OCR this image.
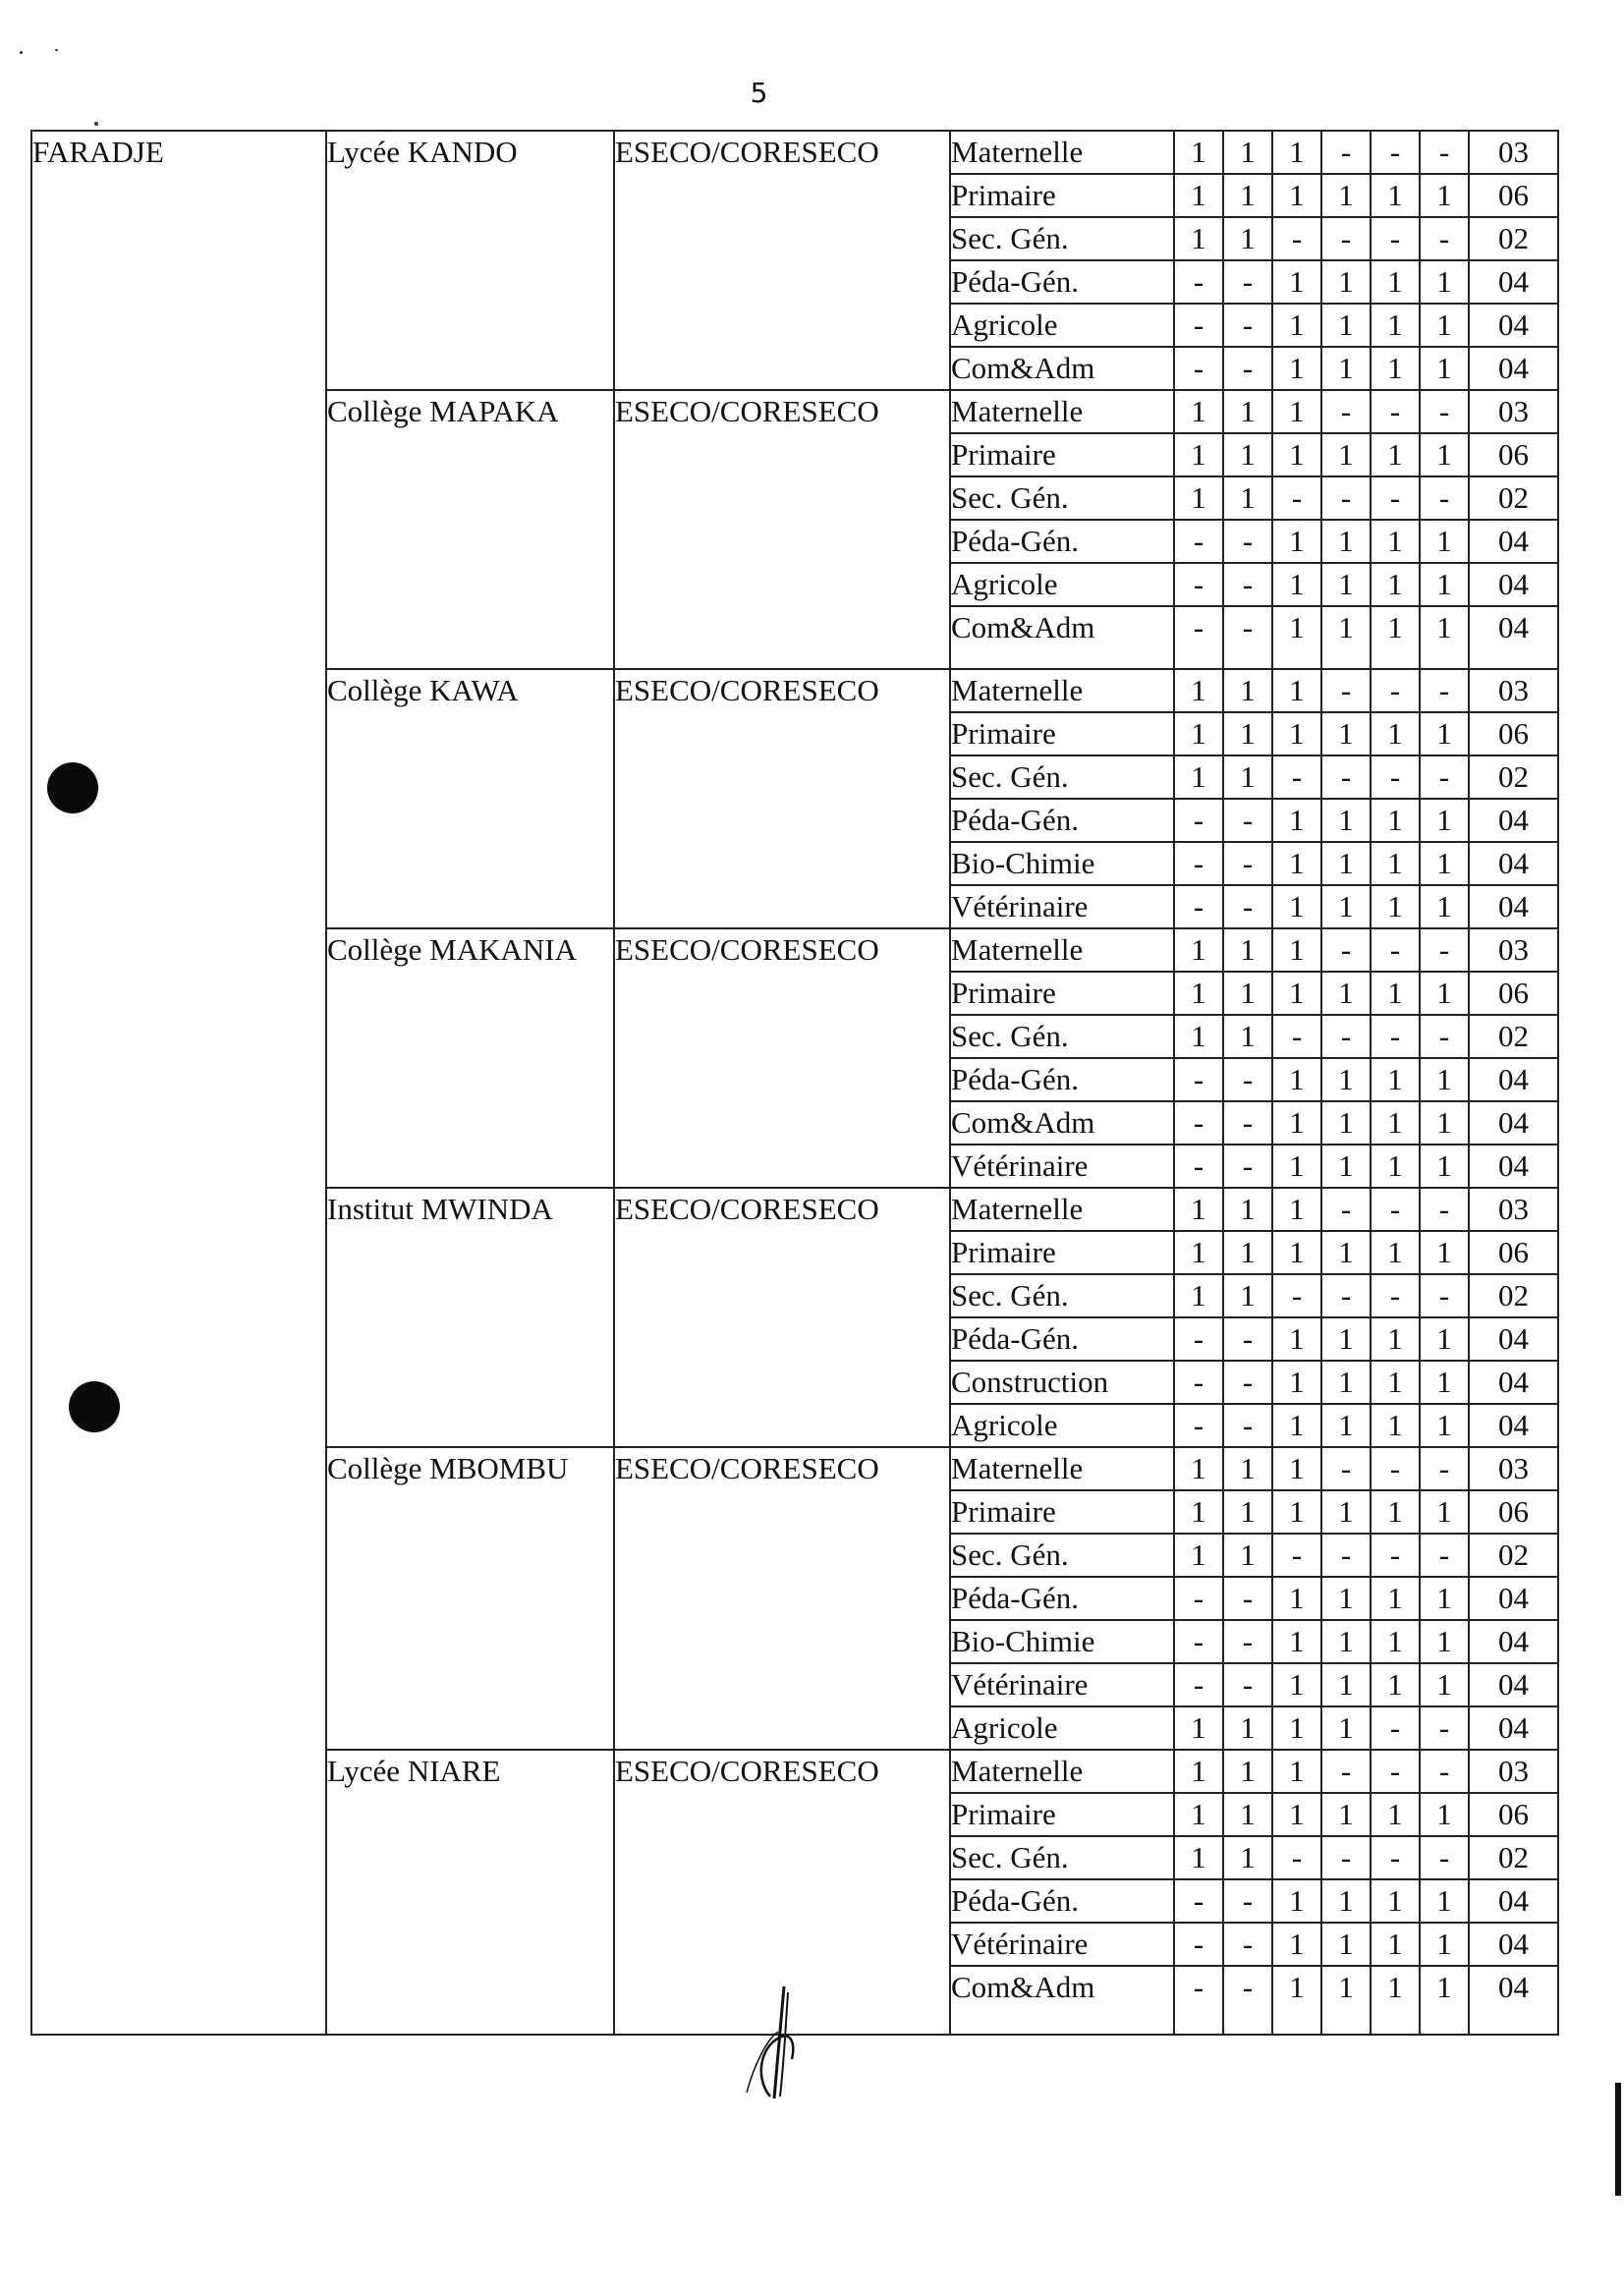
5
FARADJE	Lycée KANDO	ESECO/CORESECO	Maternelle	1	1	1	-	-	-	03
			Primaire	1	1	1	1	1	1	06
			Sec. Gén.	1	1	-	-	-	-	02
			Péda-Gén.	-	-	1	1	1	1	04
			Agricole	-	-	1	1	1	1	04
			Com&Adm	-	-	1	1	1	1	04
	Collège MAPAKA	ESECO/CORESECO	Maternelle	1	1	1	-	-	-	03
			Primaire	1	1	1	1	1	1	06
			Sec. Gén.	1	1	-	-	-	-	02
			Péda-Gén.	-	-	1	1	1	1	04
			Agricole	-	-	1	1	1	1	04
			Com&Adm	-	-	1	1	1	1	04
	Collège KAWA	ESECO/CORESECO	Maternelle	1	1	1	-	-	-	03
			Primaire	1	1	1	1	1	1	06
			Sec. Gén.	1	1	-	-	-	-	02
			Péda-Gén.	-	-	1	1	1	1	04
			Bio-Chimie	-	-	1	1	1	1	04
			Vétérinaire	-	-	1	1	1	1	04
	Collège MAKANIA	ESECO/CORESECO	Maternelle	1	1	1	-	-	-	03
			Primaire	1	1	1	1	1	1	06
			Sec. Gén.	1	1	-	-	-	-	02
			Péda-Gén.	-	-	1	1	1	1	04
			Com&Adm	-	-	1	1	1	1	04
			Vétérinaire	-	-	1	1	1	1	04
	Institut MWINDA	ESECO/CORESECO	Maternelle	1	1	1	-	-	-	03
			Primaire	1	1	1	1	1	1	06
			Sec. Gén.	1	1	-	-	-	-	02
			Péda-Gén.	-	-	1	1	1	1	04
			Construction	-	-	1	1	1	1	04
			Agricole	-	-	1	1	1	1	04
	Collège MBOMBU	ESECO/CORESECO	Maternelle	1	1	1	-	-	-	03
			Primaire	1	1	1	1	1	1	06
			Sec. Gén.	1	1	-	-	-	-	02
			Péda-Gén.	-	-	1	1	1	1	04
			Bio-Chimie	-	-	1	1	1	1	04
			Vétérinaire	-	-	1	1	1	1	04
			Agricole	1	1	1	1	-	-	04
	Lycée NIARE	ESECO/CORESECO	Maternelle	1	1	1	-	-	-	03
			Primaire	1	1	1	1	1	1	06
			Sec. Gén.	1	1	-	-	-	-	02
			Péda-Gén.	-	-	1	1	1	1	04
			Vétérinaire	-	-	1	1	1	1	04
			Com&Adm	-	-	1	1	1	1	04
